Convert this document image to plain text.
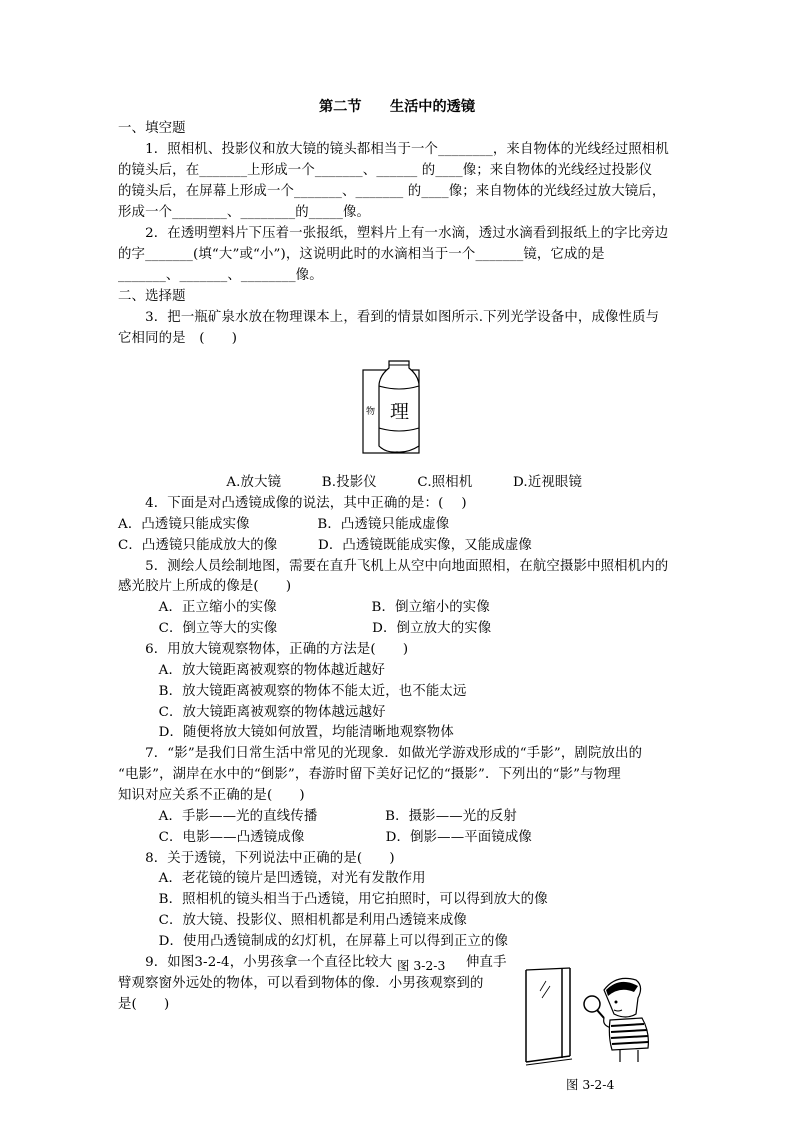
第二节　　生活中的透镜
一、填空题
　　1．照相机、投影仪和放大镜的镜头都相当于一个________，来自物体的光线经过照相机
的镜头后，在_______上形成一个_______、______ 的____像；来自物体的光线经过投影仪
的镜头后，在屏幕上形成一个_______、_______ 的____像；来自物体的光线经过放大镜后，
形成一个________、________的_____像。
　　2．在透明塑料片下压着一张报纸，塑料片上有一水滴，透过水滴看到报纸上的字比旁边
的字_______(填“大”或“小”)，这说明此时的水滴相当于一个_______镜，它成的是
_______、_______、________像。
二、选择题
　　3．把一瓶矿泉水放在物理课本上，看到的情景如图所示.下列光学设备中，成像性质与
它相同的是　(　　)
物 理
　　　　　　　　A.放大镜　　　B.投影仪　　　C.照相机　　　D.近视眼镜
　　4．下面是对凸透镜成像的说法，其中正确的是：(　 )
A．凸透镜只能成实像　　　　　B．凸透镜只能成虚像
C．凸透镜只能成放大的像　　　D．凸透镜既能成实像，又能成虚像
　　5．测绘人员绘制地图，需要在直升飞机上从空中向地面照相，在航空摄影中照相机内的
感光胶片上所成的像是(　　)
　　　A．正立缩小的实像　　　　　　　B．倒立缩小的实像
　　　C．倒立等大的实像　　　　　　　D．倒立放大的实像
　　6．用放大镜观察物体，正确的方法是(　　)
　　　A．放大镜距离被观察的物体越近越好
　　　B．放大镜距离被观察的物体不能太近，也不能太远
　　　C．放大镜距离被观察的物体越远越好
　　　D．随便将放大镜如何放置，均能清晰地观察物体
　　7．“影”是我们日常生活中常见的光现象．如做光学游戏形成的“手影”，剧院放出的
“电影”，湖岸在水中的“倒影”，春游时留下美好记忆的“摄影”．下列出的“影”与物理
知识对应关系不正确的是(　　)
　　　A．手影——光的直线传播　　　　　B．摄影——光的反射
　　　C．电影——凸透镜成像　　　　　　D．倒影——平面镜成像
　　8．关于透镜，下列说法中正确的是(　　)
　　　A．老花镜的镜片是凹透镜，对光有发散作用
　　　B．照相机的镜头相当于凸透镜，用它拍照时，可以得到放大的像
　　　C．放大镜、投影仪、照相机都是利用凸透镜来成像
　　　D．使用凸透镜制成的幻灯机，在屏幕上可以得到正立的像
　　9．如图3-2-4，小男孩拿一个直径比较大	伸直手
图 3-2-3
臂观察窗外远处的物体，可以看到物体的像．小男孩观察到的
是(　　)
图 3-2-4
